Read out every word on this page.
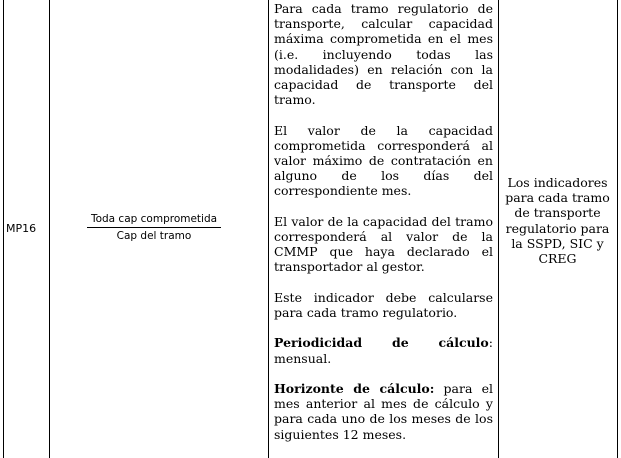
MP16
Toda cap comprometida
Cap del tramo

Para cada tramo regulatorio de transporte, calcular capacidad máxima comprometida en el mes (i.e. incluyendo todas las modalidades) en relación con la capacidad de transporte del tramo.

El valor de la capacidad comprometida corresponderá al valor máximo de contratación en alguno de los días del correspondiente mes.

El valor de la capacidad del tramo corresponderá al valor de la CMMP que haya declarado el transportador al gestor.

Este indicador debe calcularse para cada tramo regulatorio.

Periodicidad de cálculo: mensual.

Horizonte de cálculo: para el mes anterior al mes de cálculo y para cada uno de los meses de los siguientes 12 meses.

Los indicadores para cada tramo de transporte regulatorio para la SSPD, SIC y CREG
